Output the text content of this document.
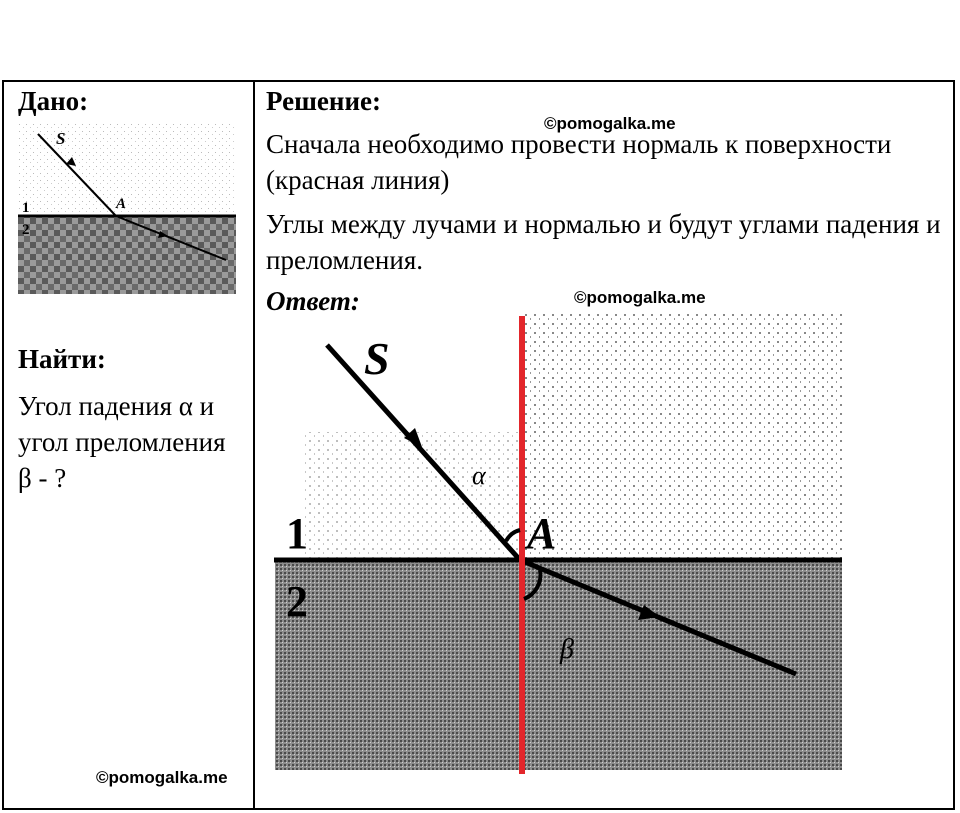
Дано:
Найти:
Угол падения α и угол преломления β - ?
Решение:
Сначала необходимо провести нормаль к поверхности (красная линия)
Углы между лучами и нормалью и будут углами падения и преломления.
Ответ:
S
A
1
2
S
A
1
2
α
β
©pomogalka.me
©pomogalka.me
©pomogalka.me
